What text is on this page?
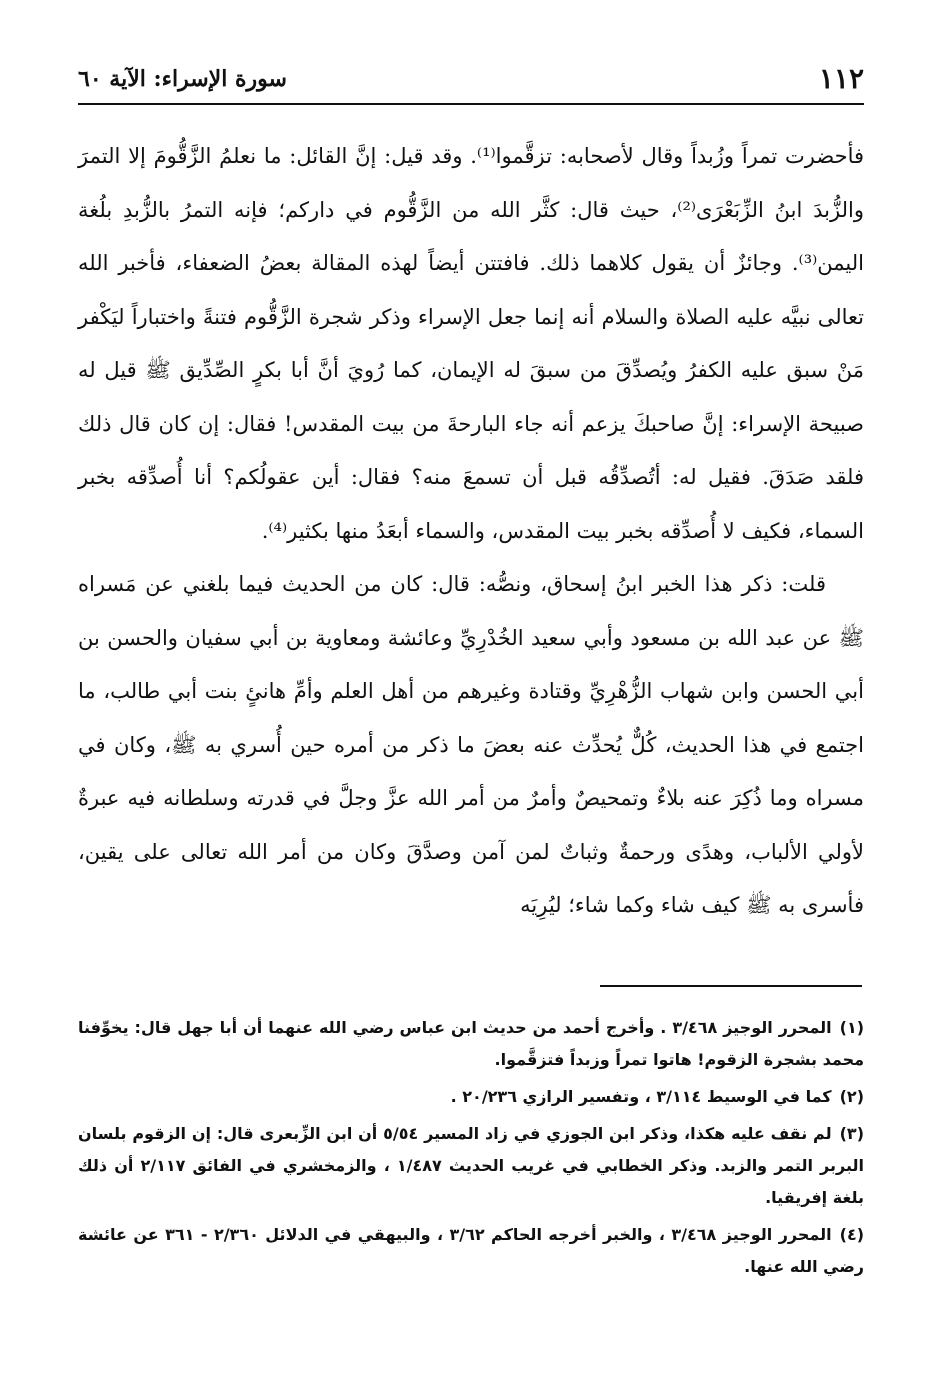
١١٢
سورة الإسراء: الآية ٦٠

فأحضرت تمراً وزُبداً وقال لأصحابه: تزقَّموا⁽¹⁾. وقد قيل: إنَّ القائل: ما نعلمُ الزَّقُّومَ إلا التمرَ والزُّبدَ ابنُ الزِّبَعْرَى⁽²⁾، حيث قال: كثَّر الله من الزَّقُّوم في داركم؛ فإنه التمرُ بالزُّبدِ بلُغة اليمن⁽³⁾. وجائزٌ أن يقول كلاهما ذلك. فافتتن أيضاً لهذه المقالة بعضُ الضعفاء، فأخبر الله تعالى نبيَّه عليه الصلاة والسلام أنه إنما جعل الإسراء وذكر شجرة الزَّقُّوم فتنةً واختباراً ليَكْفر مَنْ سبق عليه الكفرُ ويُصدِّقَ من سبقَ له الإيمان، كما رُويَ أنَّ أبا بكرٍ الصِّدِّيق ﷺ قيل له صبيحة الإسراء: إنَّ صاحبكَ يزعم أنه جاء البارحةَ من بيت المقدس! فقال: إن كان قال ذلك فلقد صَدَقَ. فقيل له: أتُصدِّقُه قبل أن تسمعَ منه؟ فقال: أين عقولُكم؟ أنا أُصدِّقه بخبر السماء، فكيف لا أُصدِّقه بخبر بيت المقدس، والسماء أبعَدُ منها بكثير⁽⁴⁾.

قلت: ذكر هذا الخبر ابنُ إسحاق، ونصُّه: قال: كان من الحديث فيما بلغني عن مَسراه ﷺ عن عبد الله بن مسعود وأبي سعيد الخُدْرِيِّ وعائشة ومعاوية بن أبي سفيان والحسن بن أبي الحسن وابن شهاب الزُّهْرِيِّ وقتادة وغيرهم من أهل العلم وأمِّ هانئٍ بنت أبي طالب، ما اجتمع في هذا الحديث، كُلٌّ يُحدِّث عنه بعضَ ما ذكر من أمره حين أُسري به ﷺ، وكان في مسراه وما ذُكِرَ عنه بلاءٌ وتمحيصٌ وأمرٌ من أمر الله عزَّ وجلَّ في قدرته وسلطانه فيه عبرةٌ لأولي الألباب، وهدًى ورحمةٌ وثباتٌ لمن آمن وصدَّقَ وكان من أمر الله تعالى على يقين، فأسرى به ﷺ كيف شاء وكما شاء؛ ليُرِيَه

(١)المحرر الوجيز ٣/٤٦٨ . وأخرج أحمد من حديث ابن عباس رضي الله عنهما أن أبا جهل قال: يخوِّفنا محمد بشجرة الزقوم! هاتوا تمراً وزبداً فتزقَّموا.

(٢)كما في الوسيط ٣/١١٤ ، وتفسير الرازي ٢٠/٢٣٦ .

(٣)لم نقف عليه هكذا، وذكر ابن الجوزي في زاد المسير ٥/٥٤ أن ابن الزِّبعرى قال: إن الزقوم بلسان البربر التمر والزبد. وذكر الخطابي في غريب الحديث ١/٤٨٧ ، والزمخشري في الفائق ٢/١١٧ أن ذلك بلغة إفريقيا.

(٤)المحرر الوجيز ٣/٤٦٨ ، والخبر أخرجه الحاكم ٣/٦٢ ، والبيهقي في الدلائل ٢/٣٦٠ - ٣٦١ عن عائشة رضي الله عنها.
